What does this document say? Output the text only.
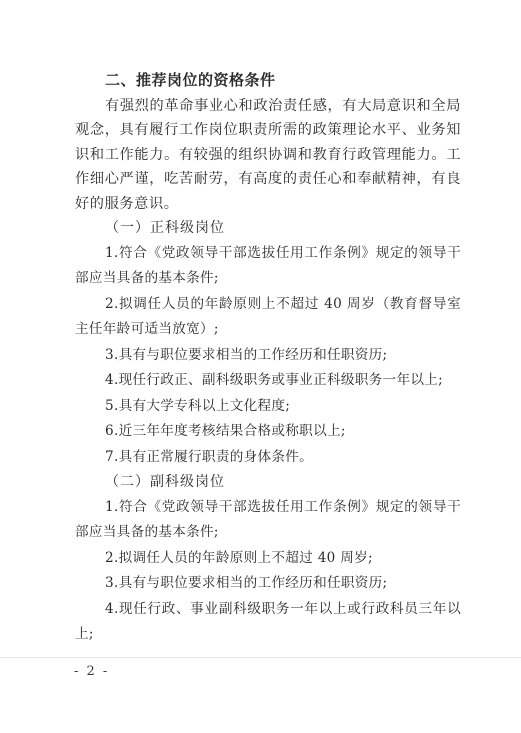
二、推荐岗位的资格条件

有强烈的革命事业心和政治责任感，有大局意识和全局观念，具有履行工作岗位职责所需的政策理论水平、业务知识和工作能力。有较强的组织协调和教育行政管理能力。工作细心严谨，吃苦耐劳，有高度的责任心和奉献精神，有良好的服务意识。

（一）正科级岗位

1.符合《党政领导干部选拔任用工作条例》规定的领导干部应当具备的基本条件;

2.拟调任人员的年龄原则上不超过 40 周岁（教育督导室主任年龄可适当放宽）;

3.具有与职位要求相当的工作经历和任职资历;

4.现任行政正、副科级职务或事业正科级职务一年以上;

5.具有大学专科以上文化程度;

6.近三年年度考核结果合格或称职以上;

7.具有正常履行职责的身体条件。

（二）副科级岗位

1.符合《党政领导干部选拔任用工作条例》规定的领导干部应当具备的基本条件;

2.拟调任人员的年龄原则上不超过 40 周岁;

3.具有与职位要求相当的工作经历和任职资历;

4.现任行政、事业副科级职务一年以上或行政科员三年以上;

- 2 -
